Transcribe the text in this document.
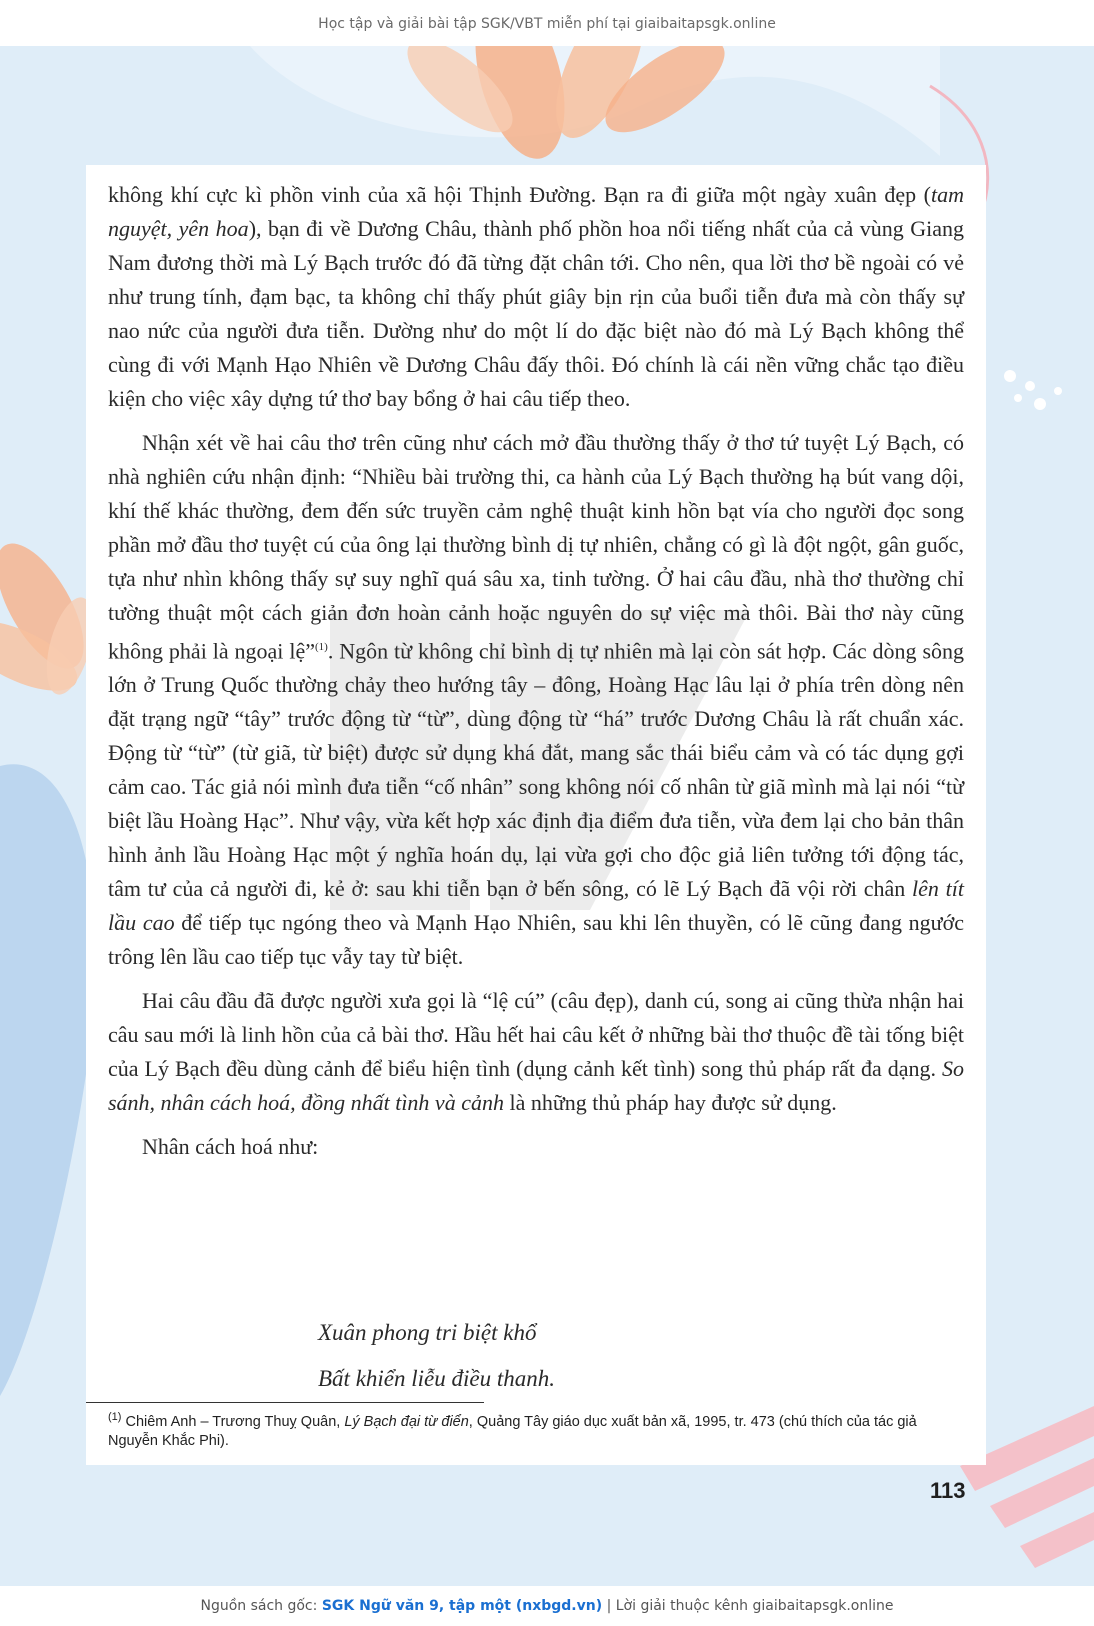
Học tập và giải bài tập SGK/VBT miễn phí tại giaibaitapsgk.online

không khí cực kì phồn vinh của xã hội Thịnh Đường. Bạn ra đi giữa một ngày xuân đẹp (tam nguyệt, yên hoa), bạn đi về Dương Châu, thành phố phồn hoa nổi tiếng nhất của cả vùng Giang Nam đương thời mà Lý Bạch trước đó đã từng đặt chân tới. Cho nên, qua lời thơ bề ngoài có vẻ như trung tính, đạm bạc, ta không chỉ thấy phút giây bịn rịn của buổi tiễn đưa mà còn thấy sự nao nức của người đưa tiễn. Dường như do một lí do đặc biệt nào đó mà Lý Bạch không thể cùng đi với Mạnh Hạo Nhiên về Dương Châu đấy thôi. Đó chính là cái nền vững chắc tạo điều kiện cho việc xây dựng tứ thơ bay bổng ở hai câu tiếp theo.

Nhận xét về hai câu thơ trên cũng như cách mở đầu thường thấy ở thơ tứ tuyệt Lý Bạch, có nhà nghiên cứu nhận định: “Nhiều bài trường thi, ca hành của Lý Bạch thường hạ bút vang dội, khí thế khác thường, đem đến sức truyền cảm nghệ thuật kinh hồn bạt vía cho người đọc song phần mở đầu thơ tuyệt cú của ông lại thường bình dị tự nhiên, chẳng có gì là đột ngột, gân guốc, tựa như nhìn không thấy sự suy nghĩ quá sâu xa, tinh tường. Ở hai câu đầu, nhà thơ thường chỉ tường thuật một cách giản đơn hoàn cảnh hoặc nguyên do sự việc mà thôi. Bài thơ này cũng không phải là ngoại lệ”$^{(1)}$. Ngôn từ không chỉ bình dị tự nhiên mà lại còn sát hợp. Các dòng sông lớn ở Trung Quốc thường chảy theo hướng tây – đông, Hoàng Hạc lâu lại ở phía trên dòng nên đặt trạng ngữ “tây” trước động từ “từ”, dùng động từ “há” trước Dương Châu là rất chuẩn xác. Động từ “từ” (từ giã, từ biệt) được sử dụng khá đắt, mang sắc thái biểu cảm và có tác dụng gợi cảm cao. Tác giả nói mình đưa tiễn “cố nhân” song không nói cố nhân từ giã mình mà lại nói “từ biệt lầu Hoàng Hạc”. Như vậy, vừa kết hợp xác định địa điểm đưa tiễn, vừa đem lại cho bản thân hình ảnh lầu Hoàng Hạc một ý nghĩa hoán dụ, lại vừa gợi cho độc giả liên tưởng tới động tác, tâm tư của cả người đi, kẻ ở: sau khi tiễn bạn ở bến sông, có lẽ Lý Bạch đã vội rời chân lên tít lầu cao để tiếp tục ngóng theo và Mạnh Hạo Nhiên, sau khi lên thuyền, có lẽ cũng đang ngước trông lên lầu cao tiếp tục vẫy tay từ biệt.

Hai câu đầu đã được người xưa gọi là “lệ cú” (câu đẹp), danh cú, song ai cũng thừa nhận hai câu sau mới là linh hồn của cả bài thơ. Hầu hết hai câu kết ở những bài thơ thuộc đề tài tống biệt của Lý Bạch đều dùng cảnh để biểu hiện tình (dụng cảnh kết tình) song thủ pháp rất đa dạng. So sánh, nhân cách hoá, đồng nhất tình và cảnh là những thủ pháp hay được sử dụng.

Nhân cách hoá như:

Xuân phong tri biệt khổ
Bất khiển liễu điều thanh.
$^{(1)}$ Chiêm Anh – Trương Thuỵ Quân, Lý Bạch đại từ điển, Quảng Tây giáo dục xuất bản xã, 1995, tr. 473 (chú thích của tác giả Nguyễn Khắc Phi).
113
Nguồn sách gốc: SGK Ngữ văn 9, tập một (nxbgd.vn) | Lời giải thuộc kênh giaibaitapsgk.online
